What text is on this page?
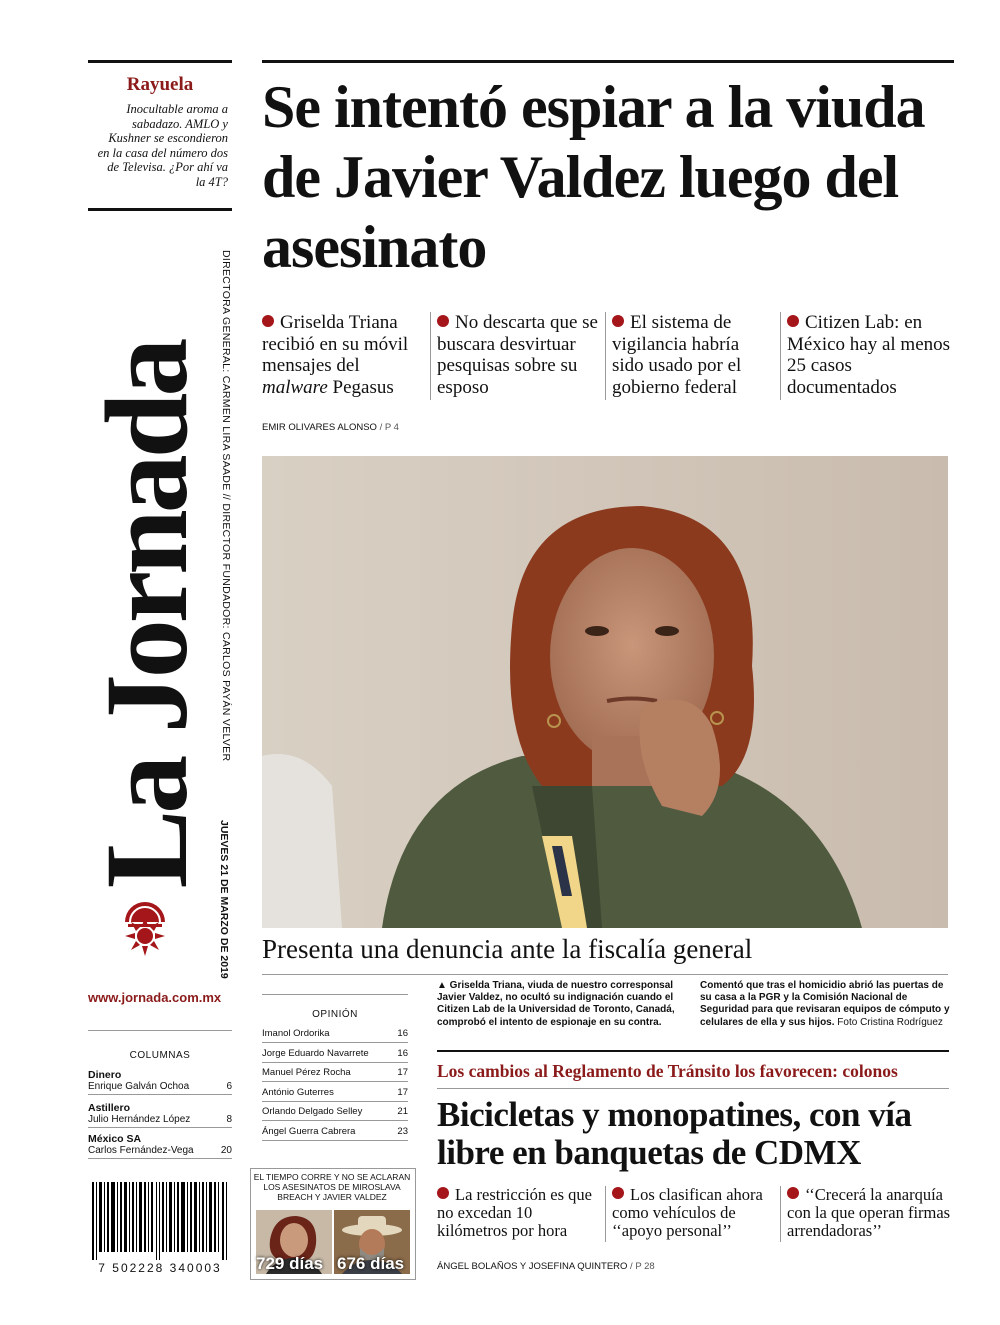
Rayuela
Inocultable aroma a sabadazo. AMLO y Kushner se escondieron en la casa del número dos de Televisa. ¿Por ahí va la 4T?
La Jornada DIRECTORA GENERAL: CARMEN LIRA SAADE // DIRECTOR FUNDADOR: CARLOS PAYÁN VELVER
JUEVES 21 DE MARZO DE 2019
www.jornada.com.mx
COLUMNAS
Dinero
Enrique Galván Ochoa	6
Astillero
Julio Hernández López	8
México SA
Carlos Fernández-Vega	20
7 502228 340003
Se intentó espiar a la viuda de Javier Valdez luego del asesinato
Griselda Triana recibió en su móvil mensajes del malware Pegasus
No descarta que se buscara desvirtuar pesquisas sobre su esposo
El sistema de vigilancia habría sido usado por el gobierno federal
Citizen Lab: en México hay al menos 25 casos documentados
EMIR OLIVARES ALONSO / P 4
Presenta una denuncia ante la fiscalía general
▲ Griselda Triana, viuda de nuestro corresponsal Javier Valdez, no ocultó su indignación cuando el Citizen Lab de la Universidad de Toronto, Canadá, comprobó el intento de espionaje en su contra.
Comentó que tras el homicidio abrió las puertas de su casa a la PGR y la Comisión Nacional de Seguridad para que revisaran equipos de cómputo y celulares de ella y sus hijos. Foto Cristina Rodríguez
OPINIÓN
Imanol Ordorika	16
Jorge Eduardo Navarrete	16
Manuel Pérez Rocha	17
António Guterres	17
Orlando Delgado Selley	21
Ángel Guerra Cabrera	23
EL TIEMPO CORRE Y NO SE ACLARAN LOS ASESINATOS DE MIROSLAVA BREACH Y JAVIER VALDEZ
729 días 676 días
Los cambios al Reglamento de Tránsito los favorecen: colonos
Bicicletas y monopatines, con vía libre en banquetas de CDMX
La restricción es que no excedan 10 kilómetros por hora
Los clasifican ahora como vehículos de ‘‘apoyo personal’’
‘‘Crecerá la anarquía con la que operan firmas arrendadoras’’
ÁNGEL BOLAÑOS Y JOSEFINA QUINTERO / P 28
